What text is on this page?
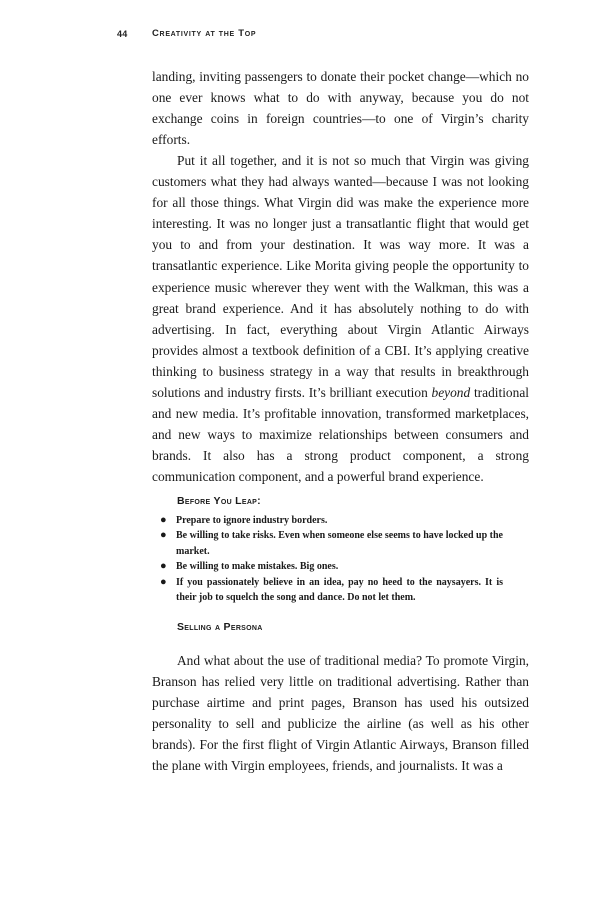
44	Creativity at the Top

landing, inviting passengers to donate their pocket change—which no one ever knows what to do with anyway, because you do not exchange coins in foreign countries—to one of Virgin’s charity efforts.

Put it all together, and it is not so much that Virgin was giving customers what they had always wanted—because I was not looking for all those things. What Virgin did was make the experience more interesting. It was no longer just a transatlantic flight that would get you to and from your destination. It was way more. It was a transatlantic experience. Like Morita giving people the opportunity to experience music wherever they went with the Walkman, this was a great brand experience. And it has absolutely nothing to do with advertising. In fact, everything about Virgin Atlantic Airways provides almost a textbook definition of a CBI. It’s applying creative thinking to business strategy in a way that results in breakthrough solutions and industry firsts. It’s brilliant execution beyond traditional and new media. It’s profitable innovation, transformed marketplaces, and new ways to maximize relationships between consumers and brands. It also has a strong product component, a strong communication component, and a powerful brand experience.

Before You Leap:
● Prepare to ignore industry borders.
● Be willing to take risks. Even when someone else seems to have locked up the market.
● Be willing to make mistakes. Big ones.
● If you passionately believe in an idea, pay no heed to the naysayers. It is their job to squelch the song and dance. Do not let them.
Selling a Persona

And what about the use of traditional media? To promote Virgin, Branson has relied very little on traditional advertising. Rather than purchase airtime and print pages, Branson has used his outsized personality to sell and publicize the airline (as well as his other brands). For the first flight of Virgin Atlantic Airways, Branson filled the plane with Virgin employees, friends, and journalists. It was a
